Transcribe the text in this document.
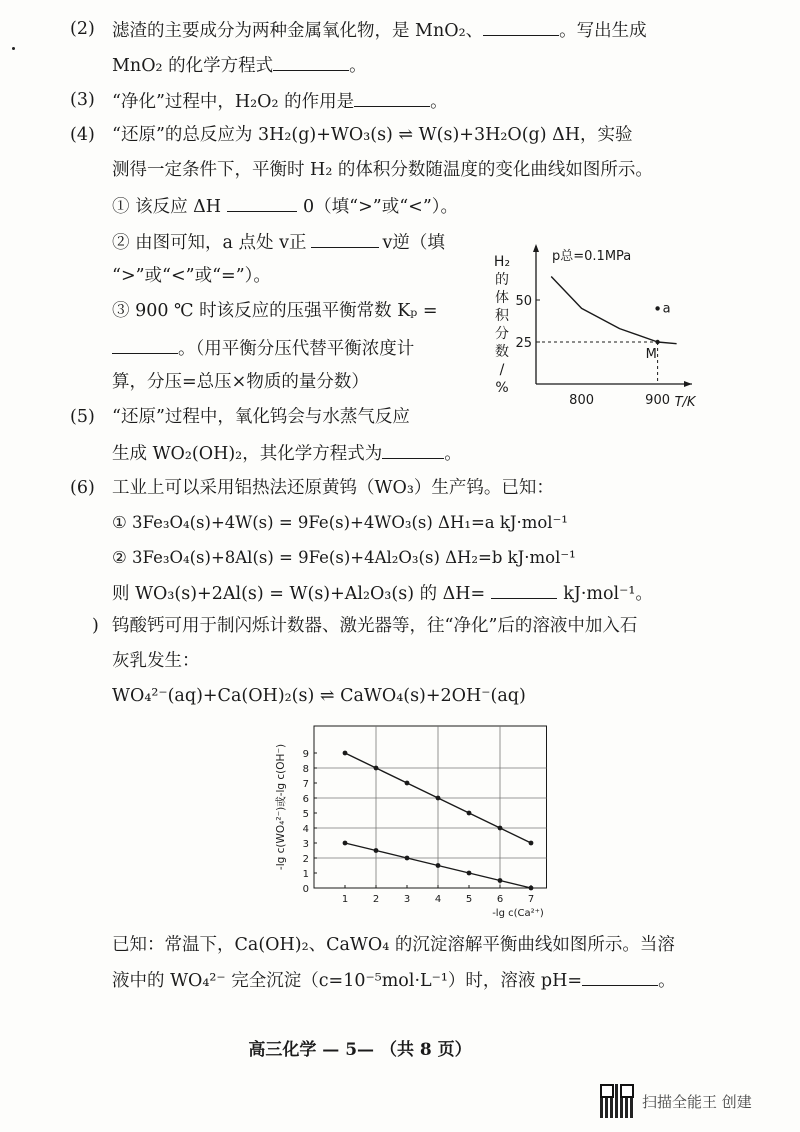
(2) 滤渣的主要成分为两种金属氧化物，是 MnO₂、	。写出生成
MnO₂ 的化学方程式	。
(3) “净化”过程中，H₂O₂ 的作用是	。
(4) “还原”的总反应为 3H₂(g)+WO₃(s) ⇌ W(s)+3H₂O(g) ΔH，实验
测得一定条件下，平衡时 H₂ 的体积分数随温度的变化曲线如图所示。
① 该反应 ΔH	0（填“>”或“<”）。
② 由图可知，a 点处 v正	v逆（填
“>”或“<”或“=”）。
③ 900 ℃ 时该反应的压强平衡常数 Kₚ =
。（用平衡分压代替平衡浓度计
算，分压=总压×物质的量分数）
H₂
的
体
积
分
数
/
%
25
50
800	900 T/K
p总=0.1MPa
a
M
(5) “还原”过程中，氧化钨会与水蒸气反应
生成 WO₂(OH)₂，其化学方程式为	。
(6) 工业上可以采用铝热法还原黄钨（WO₃）生产钨。已知：
① 3Fe₃O₄(s)+4W(s) = 9Fe(s)+4WO₃(s) ΔH₁=a kJ·mol⁻¹
② 3Fe₃O₄(s)+8Al(s) = 9Fe(s)+4Al₂O₃(s) ΔH₂=b kJ·mol⁻¹
则 WO₃(s)+2Al(s) = W(s)+Al₂O₃(s) 的 ΔH=	kJ·mol⁻¹。
) 钨酸钙可用于制闪烁计数器、激光器等，往“净化”后的溶液中加入石
灰乳发生：
WO₄²⁻(aq)+Ca(OH)₂(s) ⇌ CaWO₄(s)+2OH⁻(aq)
0
1
2
3
4
5
6
7
8
9
1 2 3 4 5 6 7
-lg c(Ca²⁺)
-lg c(WO₄²⁻)或-lg c(OH⁻)
已知：常温下，Ca(OH)₂、CaWO₄ 的沉淀溶解平衡曲线如图所示。当溶
液中的 WO₄²⁻ 完全沉淀（c=10⁻⁵mol·L⁻¹）时，溶液 pH=	。
高三化学 — 5— （共 8 页）
扫描全能王 创建
